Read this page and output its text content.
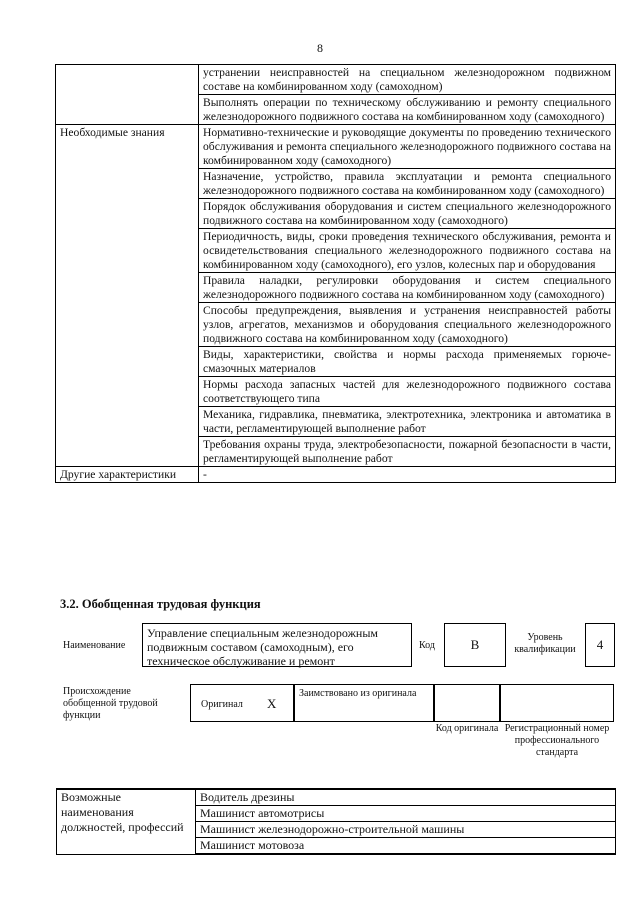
8
	устранении неисправностей на специальном железнодорожном подвижном составе на комбинированном ходу (самоходном)
	Выполнять операции по техническому обслуживанию и ремонту специального железнодорожного подвижного состава на комбинированном ходу (самоходного)
Необходимые знания	Нормативно-технические и руководящие документы по проведению технического обслуживания и ремонта специального железнодорожного подвижного состава на комбинированном ходу (самоходного)
	Назначение, устройство, правила эксплуатации и ремонта специального железнодорожного подвижного состава на комбинированном ходу (самоходного)
	Порядок обслуживания оборудования и систем специального железнодорожного подвижного состава на комбинированном ходу (самоходного)
	Периодичность, виды, сроки проведения технического обслуживания, ремонта и освидетельствования специального железнодорожного подвижного состава на комбинированном ходу (самоходного), его узлов, колесных пар и оборудования
	Правила наладки, регулировки оборудования и систем специального железнодорожного подвижного состава на комбинированном ходу (самоходного)
	Способы предупреждения, выявления и устранения неисправностей работы узлов, агрегатов, механизмов и оборудования специального железнодорожного подвижного состава на комбинированном ходу (самоходного)
	Виды, характеристики, свойства и нормы расхода применяемых горюче-смазочных материалов
	Нормы расхода запасных частей для железнодорожного подвижного состава соответствующего типа
	Механика, гидравлика, пневматика, электротехника, электроника и автоматика в части, регламентирующей выполнение работ
	Требования охраны труда, электробезопасности, пожарной безопасности в части, регламентирующей выполнение работ
Другие характеристики	-
3.2. Обобщенная трудовая функция
Наименование
Управление специальным железнодорожным подвижным составом (самоходным), его техническое обслуживание и ремонт
Код	B	Уровень квалификации	4
Происхождение обобщенной трудовой функции
Оригинал X
Заимствовано из оригинала
Код оригинала Регистрационный номер профессионального стандарта
Возможные наименования должностей, профессий	Водитель дрезины
Машинист автомотрисы
Машинист железнодорожно-строительной машины
Машинист мотовоза
